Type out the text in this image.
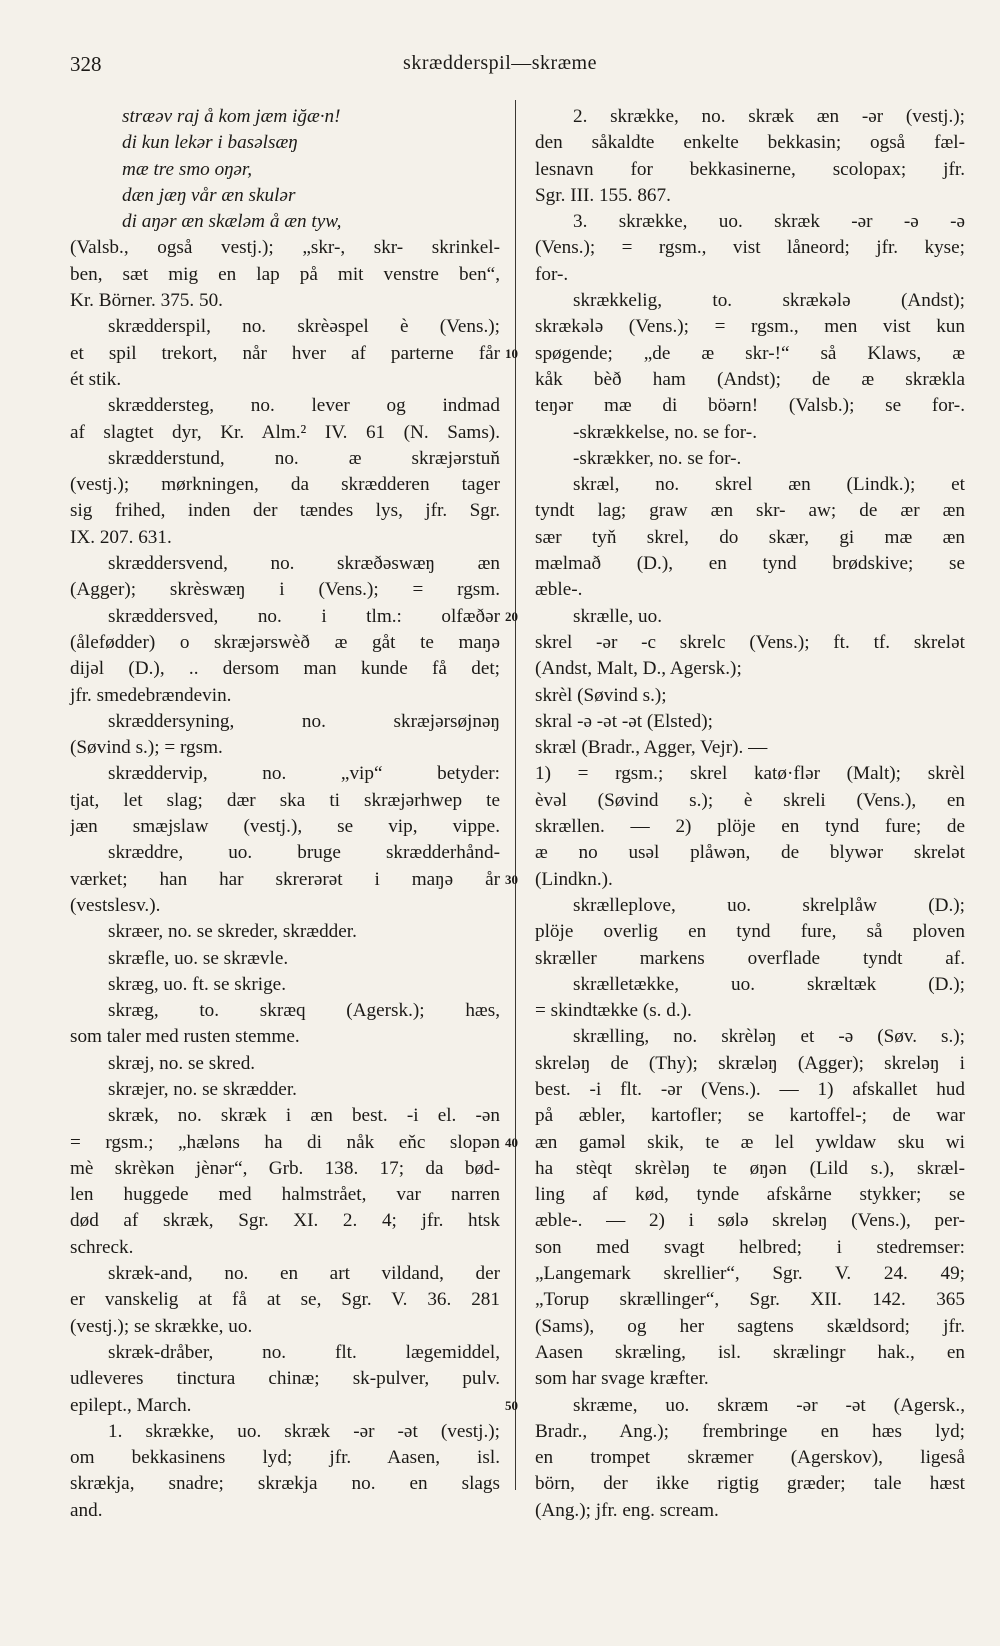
328	skrædderspil—skræme
stræəv raj å kom jæm iğæ·n!
di kun lekər i basəlsæŋ
mæ tre smo oŋər,
dæn jæŋ vår æn skulər
di aŋər æn skæləm å æn tyw,
(Valsb., også vestj.); „skr-, skr- skrinkel-
ben, sæt mig en lap på mit venstre ben“,
Kr. Börner. 375. 50.
skrædderspil, no. skrèəspel è (Vens.);
et spil trekort, når hver af parterne får
ét stik.
skræddersteg, no. lever og indmad
af slagtet dyr, Kr. Alm.² IV. 61 (N. Sams).
skrædderstund, no. æ skræjərstuň
(vestj.); mørkningen, da skrædderen tager
sig frihed, inden der tændes lys, jfr. Sgr.
IX. 207. 631.
skræddersvend, no. skræðəswæŋ æn
(Agger); skrèswæŋ i (Vens.); = rgsm.
skræddersved, no. i tlm.: olfæðər
(ålefødder) o skræjərswèð æ gåt te maŋə
dijəl (D.), .. dersom man kunde få det;
jfr. smedebrændevin.
skræddersyning, no. skræjərsøjnəŋ
(Søvind s.); = rgsm.
skræddervip, no. „vip“ betyder:
tjat, let slag; dær ska ti skræjərhwep te
jæn smæjslaw (vestj.), se vip, vippe.
skræddre, uo. bruge skrædderhånd-
værket; han har skrerərət i maŋə år
(vestslesv.).
skræer, no. se skreder, skrædder.
skræfle, uo. se skrævle.
skræg, uo. ft. se skrige.
skræg, to. skræq (Agersk.); hæs,
som taler med rusten stemme.
skræj, no. se skred.
skræjer, no. se skrædder.
skræk, no. skræk i æn best. -i el. -ən
= rgsm.; „hæləns ha di nåk eňc slopən
mè skrèkən jènər“, Grb. 138. 17; da bød-
len huggede med halmstrået, var narren
død af skræk, Sgr. XI. 2. 4; jfr. htsk
schreck.
skræk-and, no. en art vildand, der
er vanskelig at få at se, Sgr. V. 36. 281
(vestj.); se skrække, uo.
skræk-dråber, no. flt. lægemiddel,
udleveres tinctura chinæ; sk-pulver, pulv.
epilept., March.
1. skrække, uo. skræk -ər -ət (vestj.);
om bekkasinens lyd; jfr. Aasen, isl.
skrækja, snadre; skrækja no. en slags
and.
2. skrække, no. skræk æn -ər (vestj.);
den såkaldte enkelte bekkasin; også fæl-
lesnavn for bekkasinerne, scolopax; jfr.
Sgr. III. 155. 867.
3. skrække, uo. skræk -ər -ə -ə
(Vens.); = rgsm., vist låneord; jfr. kyse;
for-.
skrækkelig, to. skrækələ (Andst);
skrækələ (Vens.); = rgsm., men vist kun
spøgende; „de æ skr-!“ så Klaws, æ
kåk bèð ham (Andst); de æ skrækla
teŋər mæ di böərn! (Valsb.); se for-.
-skrækkelse, no. se for-.
-skrækker, no. se for-.
skræl, no. skrel æn (Lindk.); et
tyndt lag; graw æn skr- aw; de ær æn
sær tyň skrel, do skær, gi mæ æn
mælmað (D.), en tynd brødskive; se
æble-.
skrælle, uo.
skrel -ər -c skrelc (Vens.); ft. tf. skrelət
(Andst, Malt, D., Agersk.);
skrèl (Søvind s.);
skral -ə -ət -ət (Elsted);
skræl (Bradr., Agger, Vejr). —
1) = rgsm.; skrel katø·flər (Malt); skrèl
èvəl (Søvind s.); è skreli (Vens.), en
skrællen. — 2) plöje en tynd fure; de
æ no usəl plåwən, de blywər skrelət
(Lindkn.).
skrælleplove, uo. skrelplåw (D.);
plöje overlig en tynd fure, så ploven
skræller markens overflade tyndt af.
skrælletække, uo. skræltæk (D.);
= skindtække (s. d.).
skrælling, no. skrèləŋ et -ə (Søv. s.);
skreləŋ de (Thy); skræləŋ (Agger); skreləŋ i
best. -i flt. -ər (Vens.). — 1) afskallet hud
på æbler, kartofler; se kartoffel-; de war
æn gaməl skik, te æ lel ywldaw sku wi
ha stèqt skrèləŋ te øŋən (Lild s.), skræl-
ling af kød, tynde afskårne stykker; se
æble-. — 2) i sølə skreləŋ (Vens.), per-
son med svagt helbred; i stedremser:
„Langemark skrellier“, Sgr. V. 24. 49;
„Torup skrællinger“, Sgr. XII. 142. 365
(Sams), og her sagtens skældsord; jfr.
Aasen skræling, isl. skrælingr hak., en
som har svage kræfter.
skræme, uo. skræm -ər -ət (Agersk.,
Bradr., Ang.); frembringe en hæs lyd;
en trompet skræmer (Agerskov), ligeså
börn, der ikke rigtig græder; tale hæst
(Ang.); jfr. eng. scream.
10
20
30
40
50
